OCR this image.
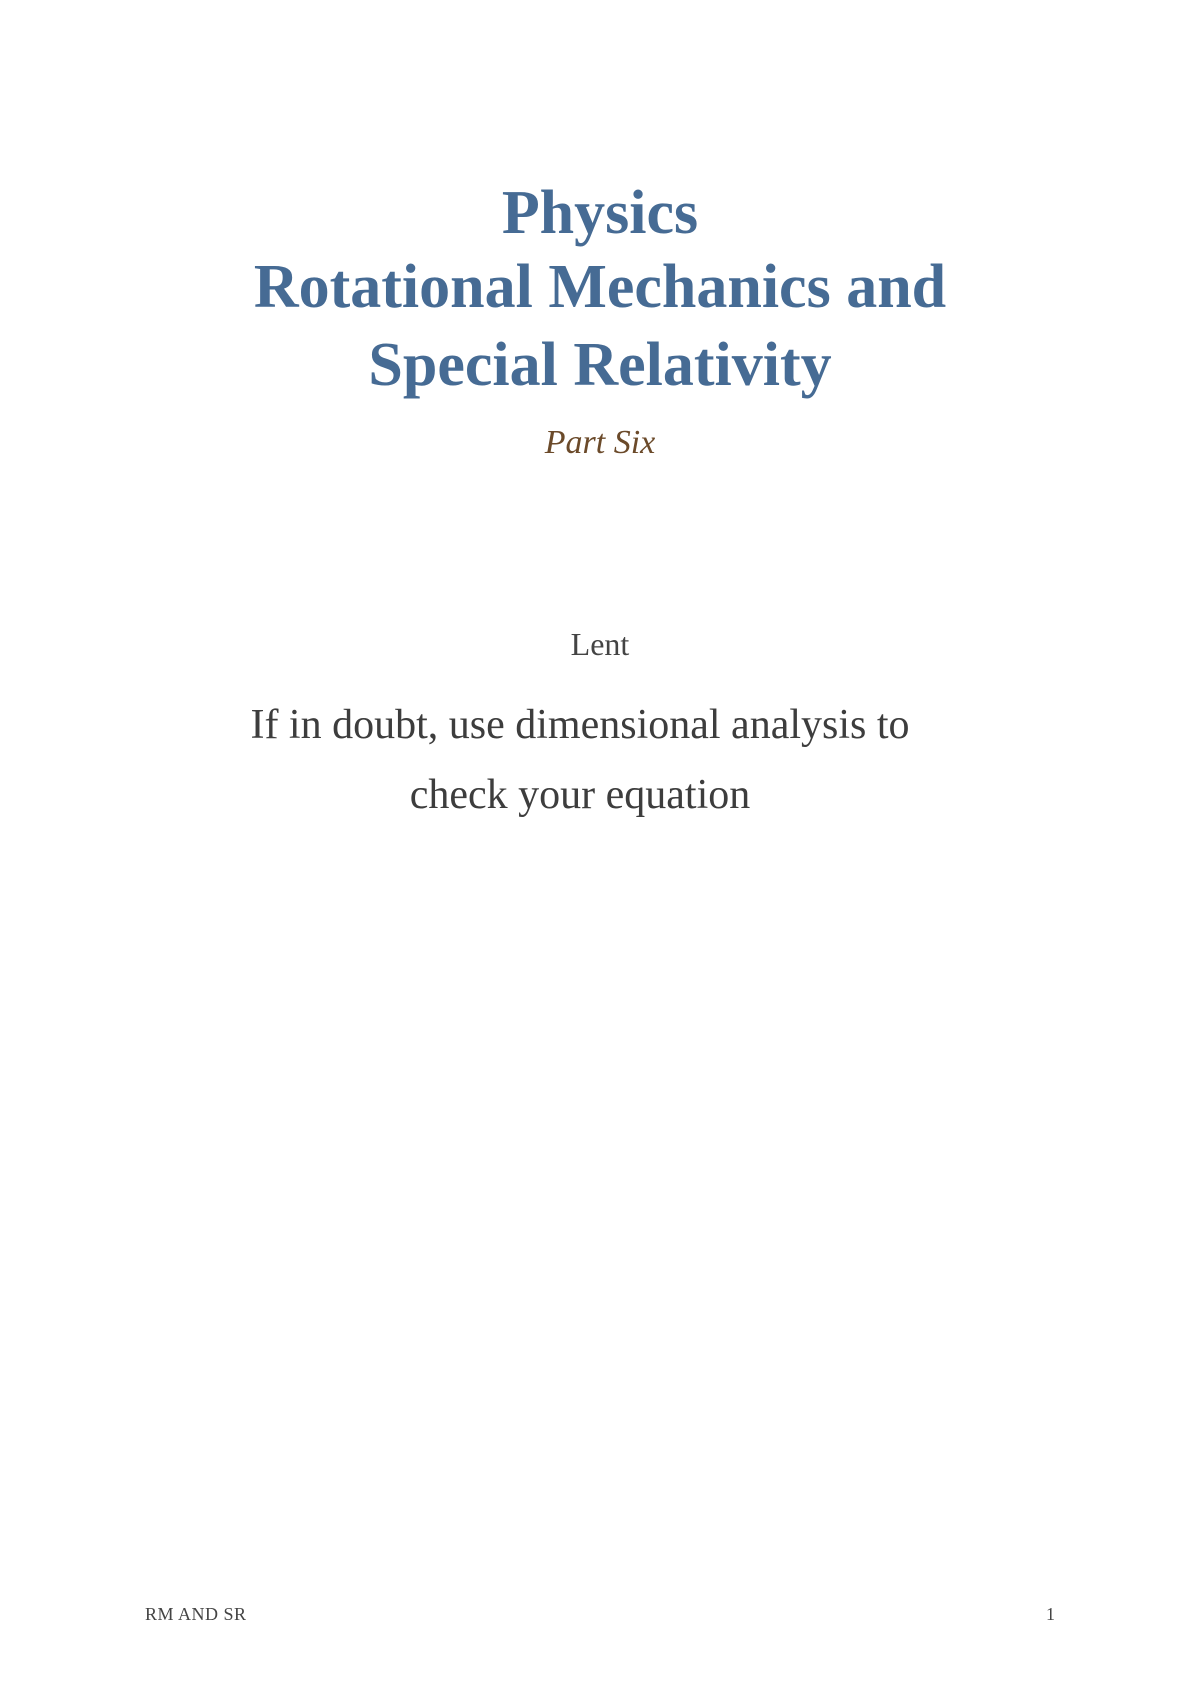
Physics
Rotational Mechanics and
Special Relativity
Part Six
Lent
If in doubt, use dimensional analysis to check your equation
RM AND SR	1
